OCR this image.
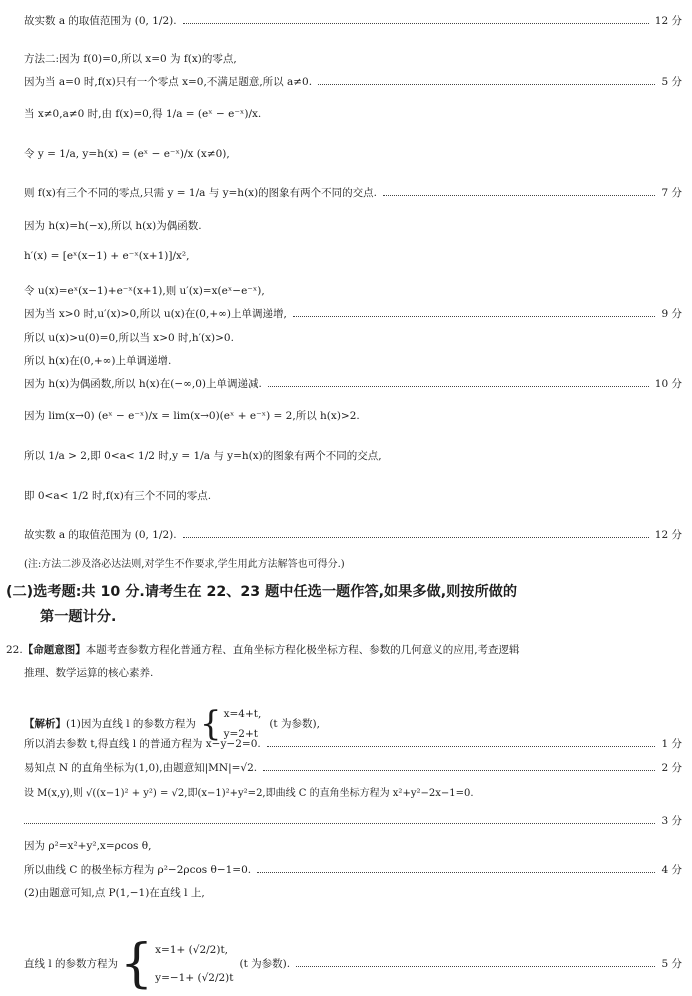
故实数 a 的取值范围为 (0, 1/2).	12 分
方法二:因为 f(0)=0,所以 x=0 为 f(x)的零点,
因为当 a=0 时,f(x)只有一个零点 x=0,不满足题意,所以 a≠0.	5 分
当 x≠0,a≠0 时,由 f(x)=0,得 1/a = (eˣ − e⁻ˣ)/x.
令 y = 1/a, y=h(x) = (eˣ − e⁻ˣ)/x (x≠0),
则 f(x)有三个不同的零点,只需 y = 1/a 与 y=h(x)的图象有两个不同的交点.	7 分
因为 h(x)=h(−x),所以 h(x)为偶函数.
h′(x) = [eˣ(x−1) + e⁻ˣ(x+1)]/x²,
令 u(x)=eˣ(x−1)+e⁻ˣ(x+1),则 u′(x)=x(eˣ−e⁻ˣ),
因为当 x>0 时,u′(x)>0,所以 u(x)在(0,+∞)上单调递增,	9 分
所以 u(x)>u(0)=0,所以当 x>0 时,h′(x)>0.
所以 h(x)在(0,+∞)上单调递增.
因为 h(x)为偶函数,所以 h(x)在(−∞,0)上单调递减.	10 分
因为 lim(x→0) (eˣ − e⁻ˣ)/x = lim(x→0)(eˣ + e⁻ˣ) = 2,所以 h(x)>2.
所以 1/a > 2,即 0<a< 1/2 时,y = 1/a 与 y=h(x)的图象有两个不同的交点,
即 0<a< 1/2 时,f(x)有三个不同的零点.
故实数 a 的取值范围为 (0, 1/2).	12 分
(注:方法二涉及洛必达法则,对学生不作要求,学生用此方法解答也可得分.)
(二)选考题:共 10 分.请考生在 22、23 题中任选一题作答,如果多做,则按所做的
第一题计分.
22. 【命题意图】 本题考查参数方程化普通方程、直角坐标方程化极坐标方程、参数的几何意义的应用,考查逻辑
推理、数学运算的核心素养.
【解析】 (1)因为直线 l 的参数方程为 { x=4+t,
y=2+t
(t 为参数),
所以消去参数 t,得直线 l 的普通方程为 x−y−2=0.	1 分
易知点 N 的直角坐标为(1,0),由题意知|MN|=√2.	2 分
设 M(x,y),则 √((x−1)² + y²) = √2,即(x−1)²+y²=2,即曲线 C 的直角坐标方程为 x²+y²−2x−1=0.
3 分
因为 ρ²=x²+y²,x=ρcos θ,
所以曲线 C 的极坐标方程为 ρ²−2ρcos θ−1=0.	4 分
(2)由题意可知,点 P(1,−1)在直线 l 上,
直线 l 的参数方程为 { x=1+ (√2/2)t,
y=−1+ (√2/2)t
(t 为参数).	5 分
